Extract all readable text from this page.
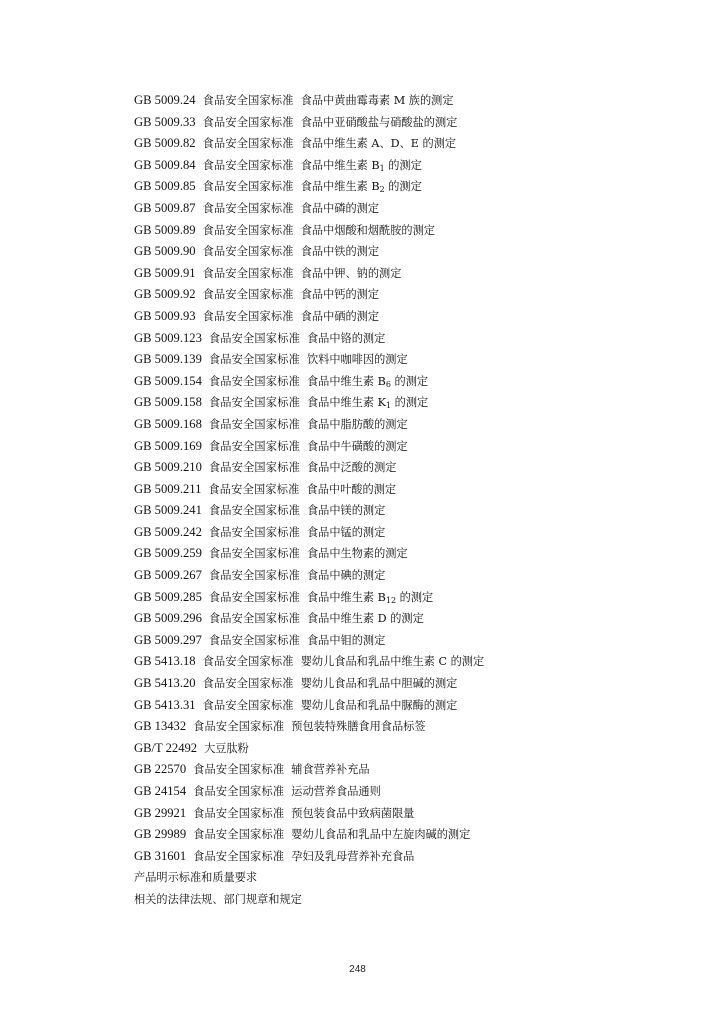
GB 5009.24 食品安全国家标准 食品中黄曲霉毒素 M 族的测定
GB 5009.33 食品安全国家标准 食品中亚硝酸盐与硝酸盐的测定
GB 5009.82 食品安全国家标准 食品中维生素 A、D、E 的测定
GB 5009.84 食品安全国家标准 食品中维生素 $B_1$ 的测定
GB 5009.85 食品安全国家标准 食品中维生素 $B_2$ 的测定
GB 5009.87 食品安全国家标准 食品中磷的测定
GB 5009.89 食品安全国家标准 食品中烟酸和烟酰胺的测定
GB 5009.90 食品安全国家标准 食品中铁的测定
GB 5009.91 食品安全国家标准 食品中钾、钠的测定
GB 5009.92 食品安全国家标准 食品中钙的测定
GB 5009.93 食品安全国家标准 食品中硒的测定
GB 5009.123 食品安全国家标准 食品中铬的测定
GB 5009.139 食品安全国家标准 饮料中咖啡因的测定
GB 5009.154 食品安全国家标准 食品中维生素 $B_6$ 的测定
GB 5009.158 食品安全国家标准 食品中维生素 $K_1$ 的测定
GB 5009.168 食品安全国家标准 食品中脂肪酸的测定
GB 5009.169 食品安全国家标准 食品中牛磺酸的测定
GB 5009.210 食品安全国家标准 食品中泛酸的测定
GB 5009.211 食品安全国家标准 食品中叶酸的测定
GB 5009.241 食品安全国家标准 食品中镁的测定
GB 5009.242 食品安全国家标准 食品中锰的测定
GB 5009.259 食品安全国家标准 食品中生物素的测定
GB 5009.267 食品安全国家标准 食品中碘的测定
GB 5009.285 食品安全国家标准 食品中维生素 $B_{12}$ 的测定
GB 5009.296 食品安全国家标准 食品中维生素 D 的测定
GB 5009.297 食品安全国家标准 食品中钼的测定
GB 5413.18 食品安全国家标准 婴幼儿食品和乳品中维生素 C 的测定
GB 5413.20 食品安全国家标准 婴幼儿食品和乳品中胆碱的测定
GB 5413.31 食品安全国家标准 婴幼儿食品和乳品中脲酶的测定
GB 13432 食品安全国家标准 预包装特殊膳食用食品标签
GB/T 22492 大豆肽粉
GB 22570 食品安全国家标准 辅食营养补充品
GB 24154 食品安全国家标准 运动营养食品通则
GB 29921 食品安全国家标准 预包装食品中致病菌限量
GB 29989 食品安全国家标准 婴幼儿食品和乳品中左旋肉碱的测定
GB 31601 食品安全国家标准 孕妇及乳母营养补充食品
产品明示标准和质量要求
相关的法律法规、部门规章和规定
248
